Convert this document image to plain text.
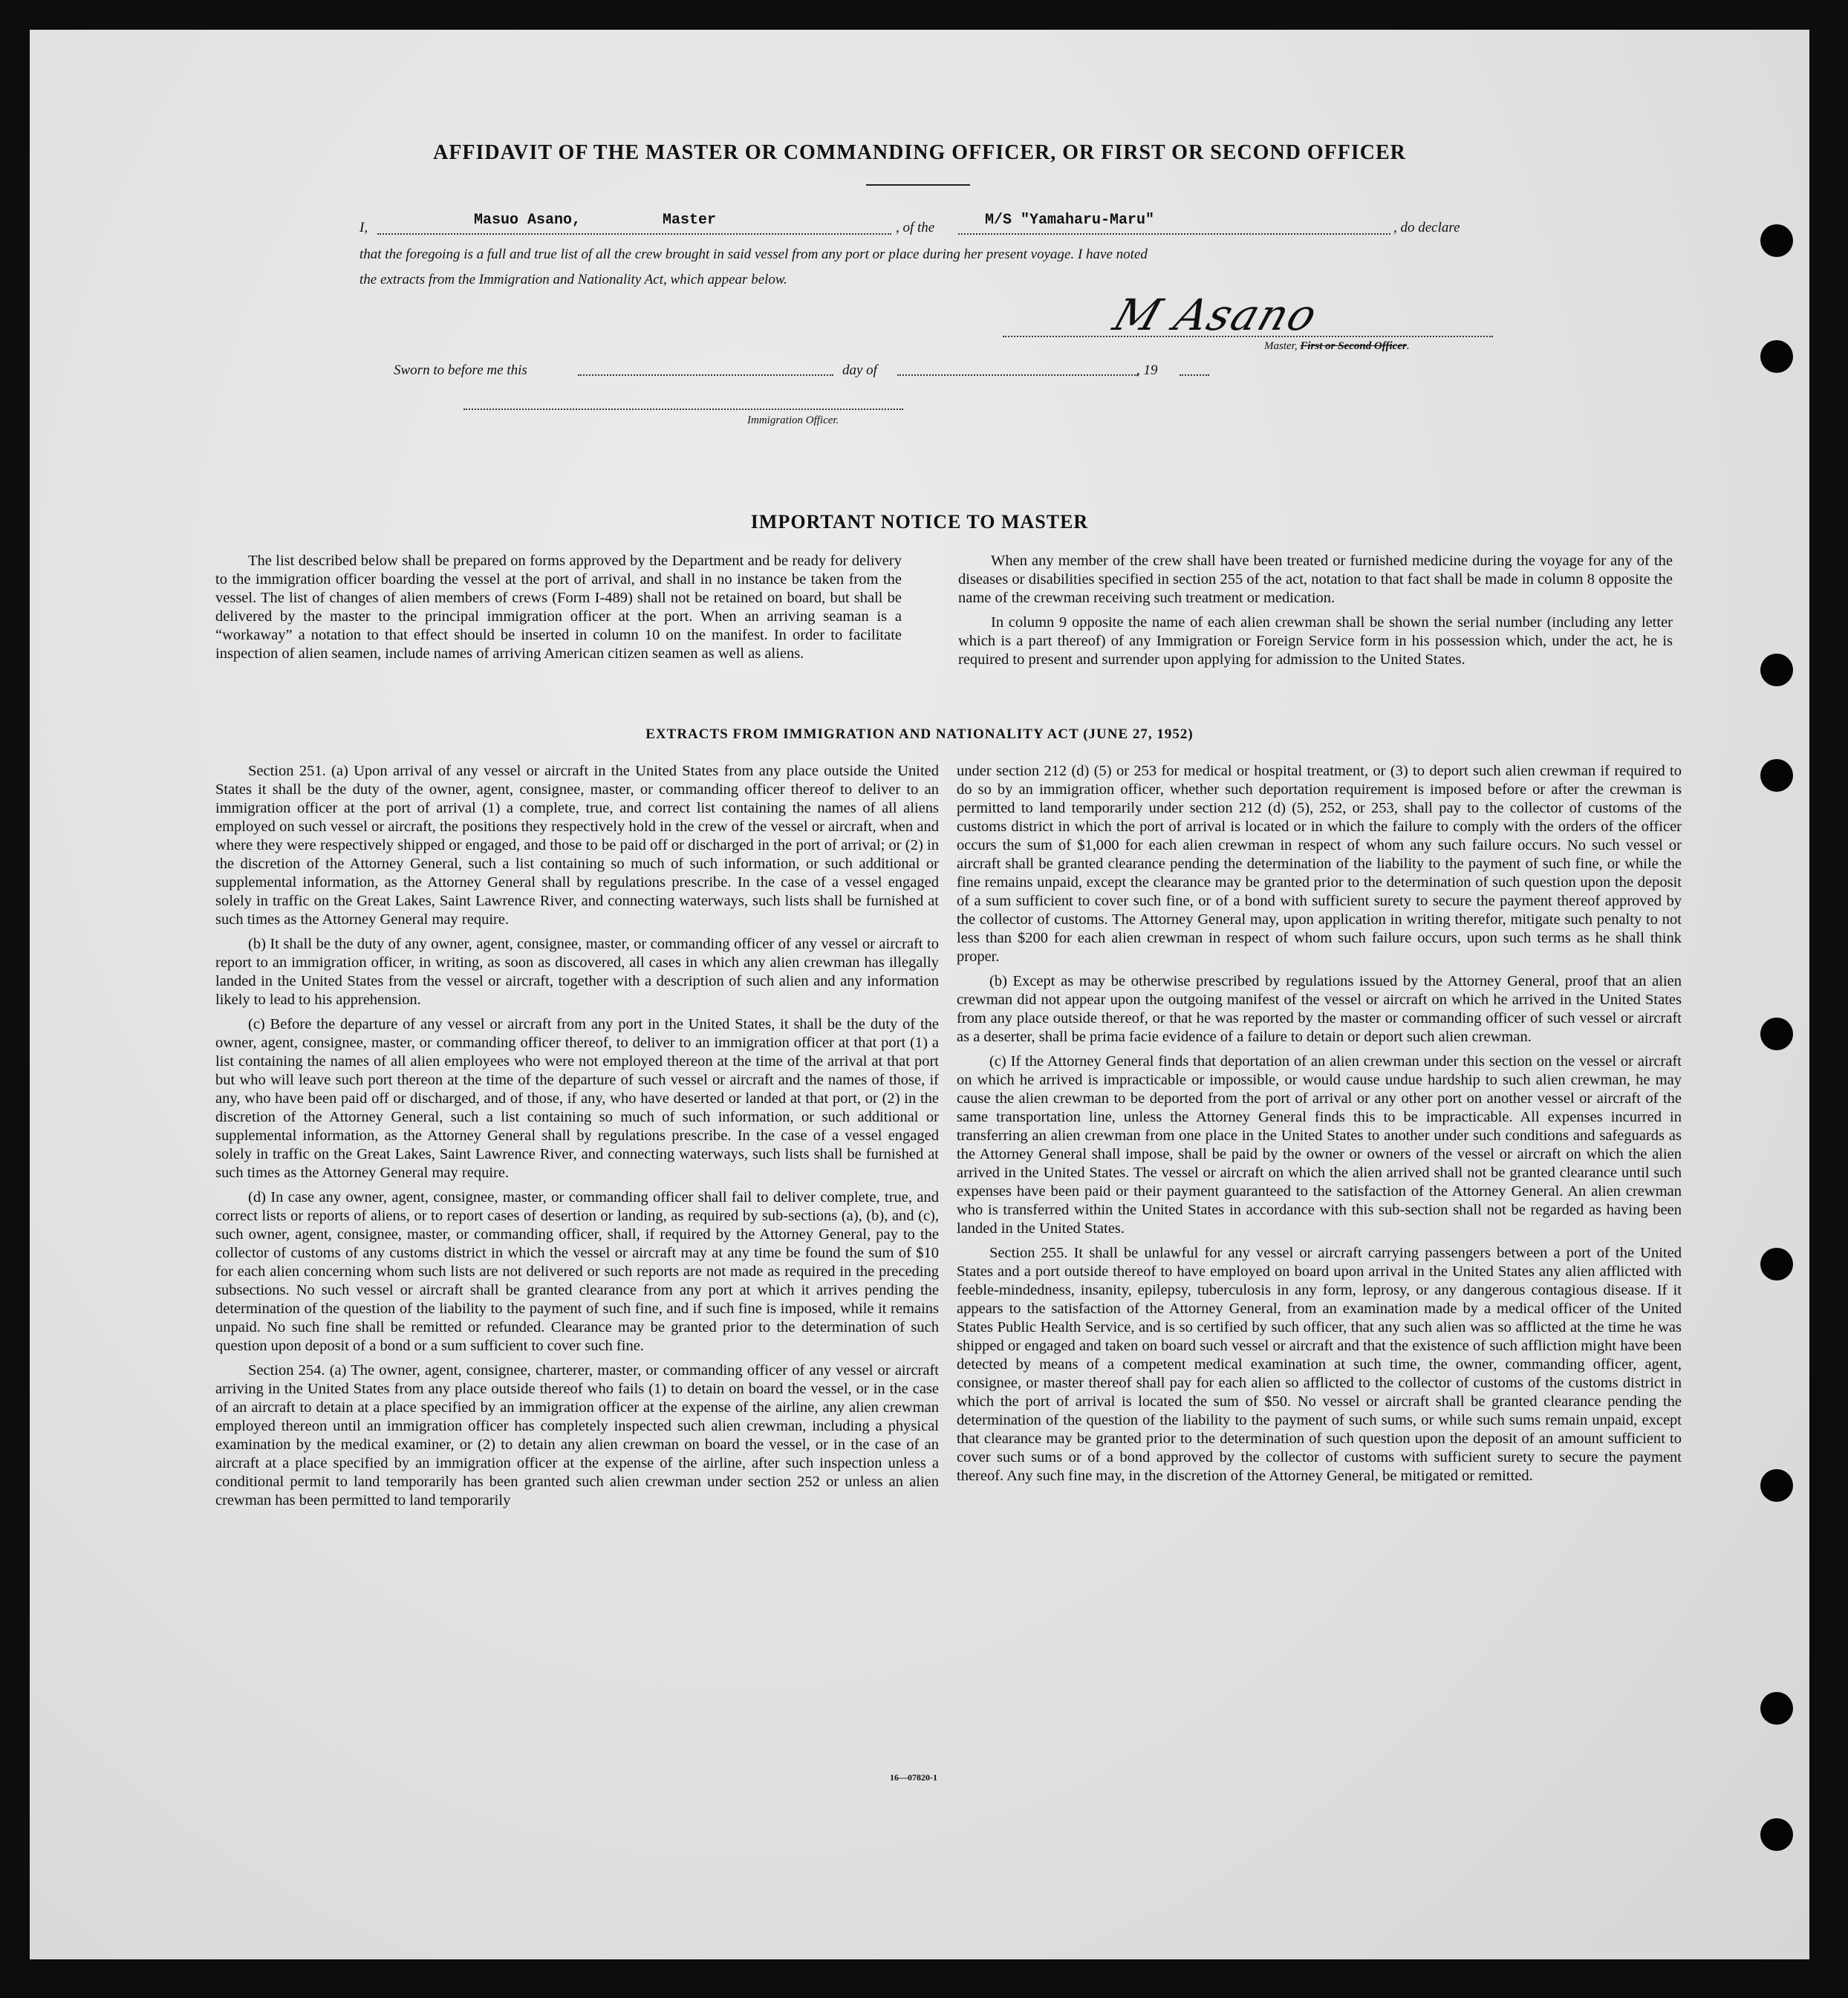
AFFIDAVIT OF THE MASTER OR COMMANDING OFFICER, OR FIRST OR SECOND OFFICER
I,	Masuo Asano,	Master	, of the	M/S "Yamaharu-Maru"	, do declare
that the foregoing is a full and true list of all the crew brought in said vessel from any port or place during her present voyage. I have noted
the extracts from the Immigration and Nationality Act, which appear below.
M Asano
Master, First or Second Officer.
Sworn to before me this	day of	, 19
Immigration Officer.
IMPORTANT NOTICE TO MASTER

The list described below shall be prepared on forms approved by the Department and be ready for delivery to the immigration officer boarding the vessel at the port of arrival, and shall in no instance be taken from the vessel. The list of changes of alien members of crews (Form I-489) shall not be retained on board, but shall be delivered by the master to the principal immigration officer at the port. When an arriving seaman is a “workaway” a notation to that effect should be inserted in column 10 on the manifest. In order to facilitate inspection of alien seamen, include names of arriving American citizen seamen as well as aliens.

When any member of the crew shall have been treated or furnished medicine during the voyage for any of the diseases or disabilities specified in section 255 of the act, notation to that fact shall be made in column 8 opposite the name of the crewman receiving such treatment or medication.

In column 9 opposite the name of each alien crewman shall be shown the serial number (including any letter which is a part thereof) of any Immigration or Foreign Service form in his possession which, under the act, he is required to present and surrender upon applying for admission to the United States.

EXTRACTS FROM IMMIGRATION AND NATIONALITY ACT (JUNE 27, 1952)

Section 251. (a) Upon arrival of any vessel or aircraft in the United States from any place outside the United States it shall be the duty of the owner, agent, consignee, master, or commanding officer thereof to deliver to an immigration officer at the port of arrival (1) a complete, true, and correct list containing the names of all aliens employed on such vessel or aircraft, the positions they respectively hold in the crew of the vessel or aircraft, when and where they were respectively shipped or engaged, and those to be paid off or discharged in the port of arrival; or (2) in the discretion of the Attorney General, such a list containing so much of such information, or such additional or supplemental information, as the Attorney General shall by regulations prescribe. In the case of a vessel engaged solely in traffic on the Great Lakes, Saint Lawrence River, and connecting waterways, such lists shall be furnished at such times as the Attorney General may require.

(b) It shall be the duty of any owner, agent, consignee, master, or commanding officer of any vessel or aircraft to report to an immigration officer, in writing, as soon as discovered, all cases in which any alien crewman has illegally landed in the United States from the vessel or aircraft, together with a description of such alien and any information likely to lead to his apprehension.

(c) Before the departure of any vessel or aircraft from any port in the United States, it shall be the duty of the owner, agent, consignee, master, or commanding officer thereof, to deliver to an immigration officer at that port (1) a list containing the names of all alien employees who were not employed thereon at the time of the arrival at that port but who will leave such port thereon at the time of the departure of such vessel or aircraft and the names of those, if any, who have been paid off or discharged, and of those, if any, who have deserted or landed at that port, or (2) in the discretion of the Attorney General, such a list containing so much of such information, or such additional or supplemental information, as the Attorney General shall by regulations prescribe. In the case of a vessel engaged solely in traffic on the Great Lakes, Saint Lawrence River, and connecting waterways, such lists shall be furnished at such times as the Attorney General may require.

(d) In case any owner, agent, consignee, master, or commanding officer shall fail to deliver complete, true, and correct lists or reports of aliens, or to report cases of desertion or landing, as required by sub-sections (a), (b), and (c), such owner, agent, consignee, master, or commanding officer, shall, if required by the Attorney General, pay to the collector of customs of any customs district in which the vessel or aircraft may at any time be found the sum of $10 for each alien concerning whom such lists are not delivered or such reports are not made as required in the preceding subsections. No such vessel or aircraft shall be granted clearance from any port at which it arrives pending the determination of the question of the liability to the payment of such fine, and if such fine is imposed, while it remains unpaid. No such fine shall be remitted or refunded. Clearance may be granted prior to the determination of such question upon deposit of a bond or a sum sufficient to cover such fine.

Section 254. (a) The owner, agent, consignee, charterer, master, or commanding officer of any vessel or aircraft arriving in the United States from any place outside thereof who fails (1) to detain on board the vessel, or in the case of an aircraft to detain at a place specified by an immigration officer at the expense of the airline, any alien crewman employed thereon until an immigration officer has completely inspected such alien crewman, including a physical examination by the medical examiner, or (2) to detain any alien crewman on board the vessel, or in the case of an aircraft at a place specified by an immigration officer at the expense of the airline, after such inspection unless a conditional permit to land temporarily has been granted such alien crewman under section 252 or unless an alien crewman has been permitted to land temporarily

under section 212 (d) (5) or 253 for medical or hospital treatment, or (3) to deport such alien crewman if required to do so by an immigration officer, whether such deportation requirement is imposed before or after the crewman is permitted to land temporarily under section 212 (d) (5), 252, or 253, shall pay to the collector of customs of the customs district in which the port of arrival is located or in which the failure to comply with the orders of the officer occurs the sum of $1,000 for each alien crewman in respect of whom any such failure occurs. No such vessel or aircraft shall be granted clearance pending the determination of the liability to the payment of such fine, or while the fine remains unpaid, except the clearance may be granted prior to the determination of such question upon the deposit of a sum sufficient to cover such fine, or of a bond with sufficient surety to secure the payment thereof approved by the collector of customs. The Attorney General may, upon application in writing therefor, mitigate such penalty to not less than $200 for each alien crewman in respect of whom such failure occurs, upon such terms as he shall think proper.

(b) Except as may be otherwise prescribed by regulations issued by the Attorney General, proof that an alien crewman did not appear upon the outgoing manifest of the vessel or aircraft on which he arrived in the United States from any place outside thereof, or that he was reported by the master or commanding officer of such vessel or aircraft as a deserter, shall be prima facie evidence of a failure to detain or deport such alien crewman.

(c) If the Attorney General finds that deportation of an alien crewman under this section on the vessel or aircraft on which he arrived is impracticable or impossible, or would cause undue hardship to such alien crewman, he may cause the alien crewman to be deported from the port of arrival or any other port on another vessel or aircraft of the same transportation line, unless the Attorney General finds this to be impracticable. All expenses incurred in transferring an alien crewman from one place in the United States to another under such conditions and safeguards as the Attorney General shall impose, shall be paid by the owner or owners of the vessel or aircraft on which the alien arrived in the United States. The vessel or aircraft on which the alien arrived shall not be granted clearance until such expenses have been paid or their payment guaranteed to the satisfaction of the Attorney General. An alien crewman who is transferred within the United States in accordance with this sub-section shall not be regarded as having been landed in the United States.

Section 255. It shall be unlawful for any vessel or aircraft carrying passengers between a port of the United States and a port outside thereof to have employed on board upon arrival in the United States any alien afflicted with feeble-mindedness, insanity, epilepsy, tuberculosis in any form, leprosy, or any dangerous contagious disease. If it appears to the satisfaction of the Attorney General, from an examination made by a medical officer of the United States Public Health Service, and is so certified by such officer, that any such alien was so afflicted at the time he was shipped or engaged and taken on board such vessel or aircraft and that the existence of such affliction might have been detected by means of a competent medical examination at such time, the owner, commanding officer, agent, consignee, or master thereof shall pay for each alien so afflicted to the collector of customs of the customs district in which the port of arrival is located the sum of $50. No vessel or aircraft shall be granted clearance pending the determination of the question of the liability to the payment of such sums, or while such sums remain unpaid, except that clearance may be granted prior to the determination of such question upon the deposit of an amount sufficient to cover such sums or of a bond approved by the collector of customs with sufficient surety to secure the payment thereof. Any such fine may, in the discretion of the Attorney General, be mitigated or remitted.

16—07820-1
